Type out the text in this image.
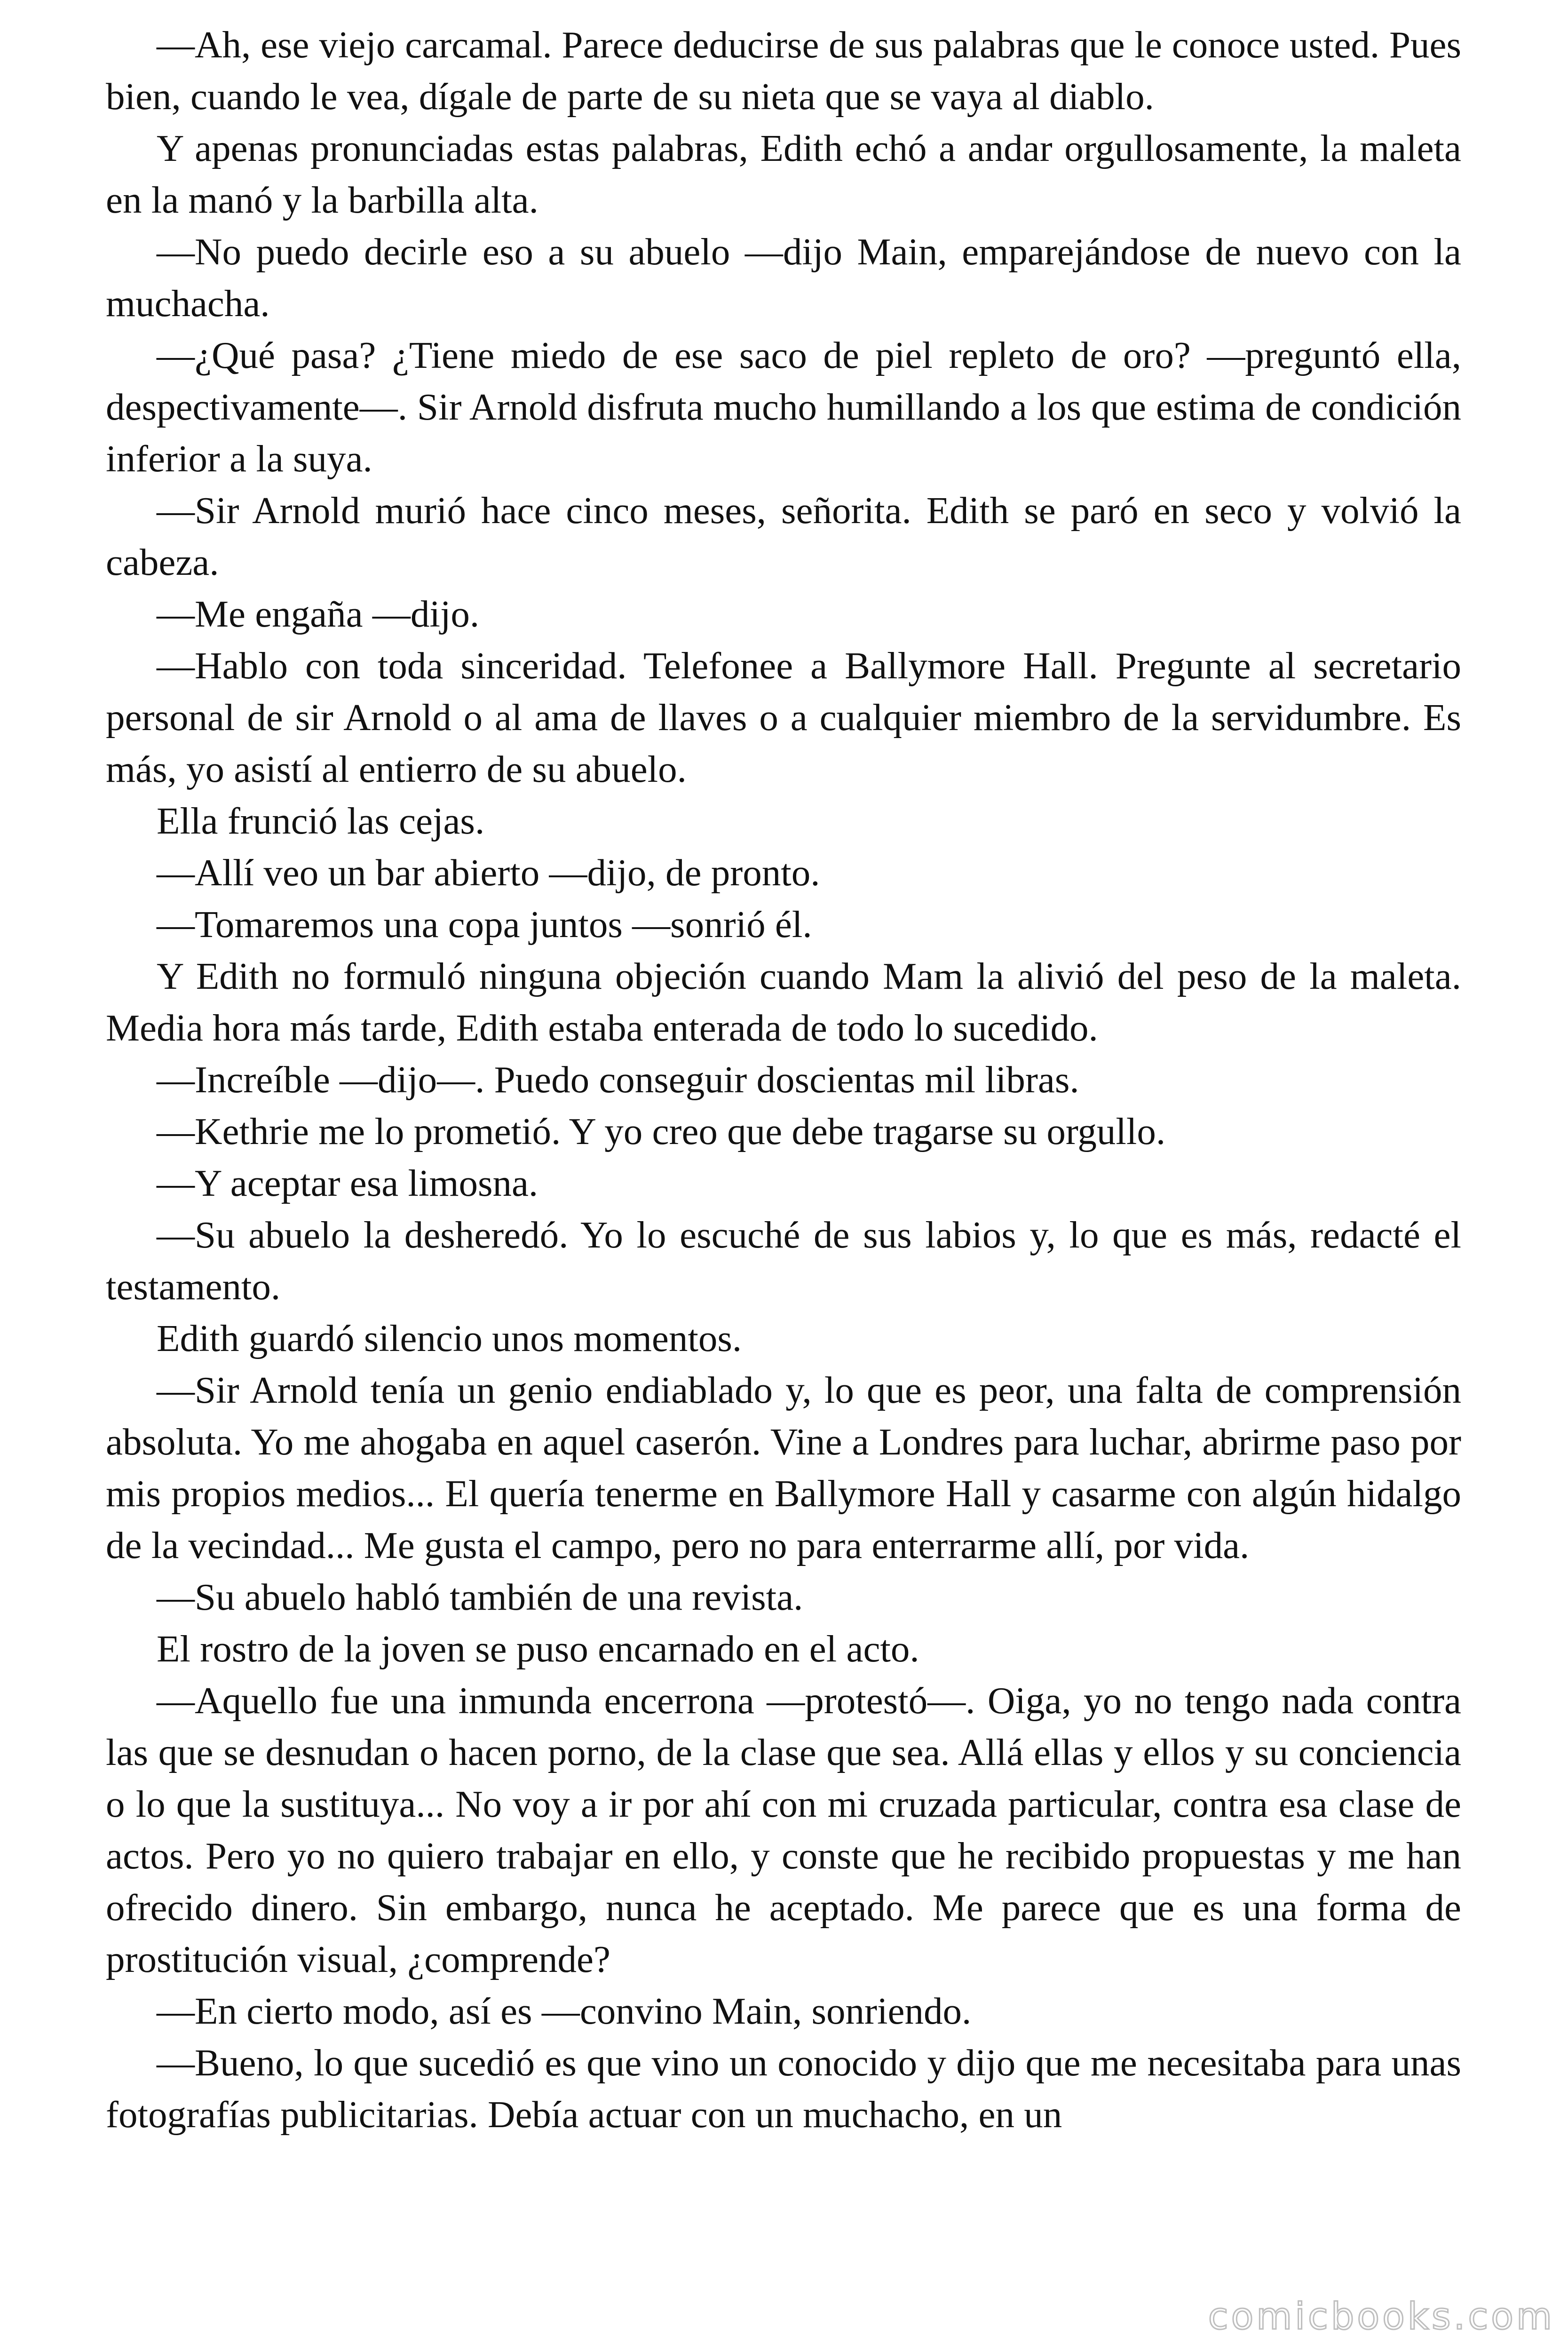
—Ah, ese viejo carcamal. Parece deducirse de sus palabras que le conoce usted. Pues bien, cuando le vea, dígale de parte de su nieta que se vaya al diablo.

Y apenas pronunciadas estas palabras, Edith echó a andar orgullosamente, la maleta en la manó y la barbilla alta.

—No puedo decirle eso a su abuelo —dijo Main, emparejándose de nuevo con la muchacha.

—¿Qué pasa? ¿Tiene miedo de ese saco de piel repleto de oro? —preguntó ella, despectivamente—. Sir Arnold disfruta mucho humillando a los que estima de condición inferior a la suya.

—Sir Arnold murió hace cinco meses, señorita. Edith se paró en seco y volvió la cabeza.

—Me engaña —dijo.

—Hablo con toda sinceridad. Telefonee a Ballymore Hall. Pregunte al secretario personal de sir Arnold o al ama de llaves o a cualquier miembro de la servidumbre. Es más, yo asistí al entierro de su abuelo.

Ella frunció las cejas.

—Allí veo un bar abierto —dijo, de pronto.

—Tomaremos una copa juntos —sonrió él.

Y Edith no formuló ninguna objeción cuando Mam la alivió del peso de la maleta. Media hora más tarde, Edith estaba enterada de todo lo sucedido.

—Increíble —dijo—. Puedo conseguir doscientas mil libras.

—Kethrie me lo prometió. Y yo creo que debe tragarse su orgullo.

—Y aceptar esa limosna.

—Su abuelo la desheredó. Yo lo escuché de sus labios y, lo que es más, redacté el testamento.

Edith guardó silencio unos momentos.

—Sir Arnold tenía un genio endiablado y, lo que es peor, una falta de comprensión absoluta. Yo me ahogaba en aquel caserón. Vine a Londres para luchar, abrirme paso por mis propios medios... El quería tenerme en Ballymore Hall y casarme con algún hidalgo de la vecindad... Me gusta el campo, pero no para enterrarme allí, por vida.

—Su abuelo habló también de una revista.

El rostro de la joven se puso encarnado en el acto.

—Aquello fue una inmunda encerrona —protestó—. Oiga, yo no tengo nada contra las que se desnudan o hacen porno, de la clase que sea. Allá ellas y ellos y su conciencia o lo que la sustituya... No voy a ir por ahí con mi cruzada particular, contra esa clase de actos. Pero yo no quiero trabajar en ello, y conste que he recibido propuestas y me han ofrecido dinero. Sin embargo, nunca he aceptado. Me parece que es una forma de prostitución visual, ¿comprende?

—En cierto modo, así es —convino Main, sonriendo.

—Bueno, lo que sucedió es que vino un conocido y dijo que me necesitaba para unas fotografías publicitarias. Debía actuar con un muchacho, en un

comicbooks.com
